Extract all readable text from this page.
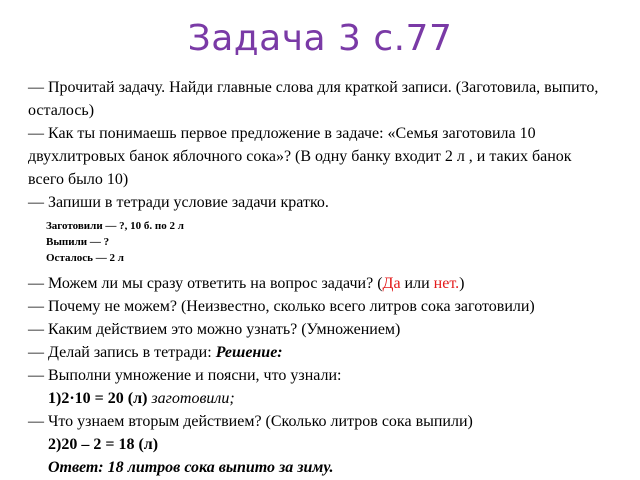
Задача 3 с.77
— Прочитай задачу. Найди главные слова для краткой записи. (Заготовила, выпито,
осталось)
— Как ты понимаешь первое предложение в задаче: «Семья заготовила 10
двухлитровых банок яблочного сока»? (В одну банку входит 2 л , и таких банок
всего было 10)
— Запиши в тетради условие задачи кратко.
Заготовили — ?, 10 б. по 2 л
Выпили — ?
Осталось — 2 л
— Можем ли мы сразу ответить на вопрос задачи? (Да или нет.)
— Почему не можем? (Неизвестно, сколько всего литров сока заготовили)
— Каким действием это можно узнать? (Умножением)
— Делай запись в тетради: Решение:
— Выполни умножение и поясни, что узнали:
1)2·10 = 20 (л) заготовили;
— Что узнаем вторым действием? (Сколько литров сока выпили)
2)20 – 2 = 18 (л)
Ответ: 18 литров сока выпито за зиму.
